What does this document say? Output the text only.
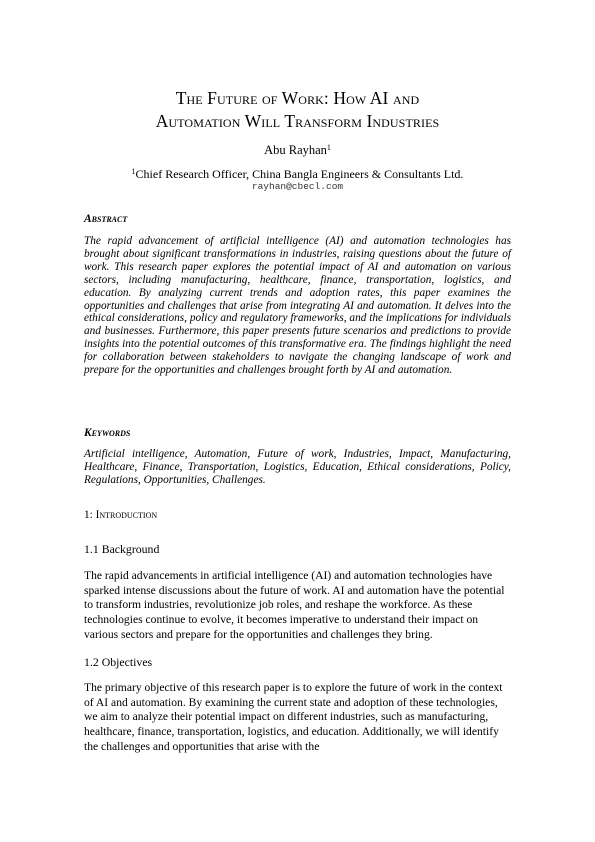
The Future of Work: How AI and
Automation Will Transform Industries
Abu Rayhan$^1$
$^1$Chief Research Officer, China Bangla Engineers & Consultants Ltd.
rayhan@cbecl.com
Abstract
The rapid advancement of artificial intelligence (AI) and automation technologies has brought about significant transformations in industries, raising questions about the future of work. This research paper explores the potential impact of AI and automation on various sectors, including manufacturing, healthcare, finance, transportation, logistics, and education. By analyzing current trends and adoption rates, this paper examines the opportunities and challenges that arise from integrating AI and automation. It delves into the ethical considerations, policy and regulatory frameworks, and the implications for individuals and businesses. Furthermore, this paper presents future scenarios and predictions to provide insights into the potential outcomes of this transformative era. The findings highlight the need for collaboration between stakeholders to navigate the changing landscape of work and prepare for the opportunities and challenges brought forth by AI and automation.
Keywords
Artificial intelligence, Automation, Future of work, Industries, Impact, Manufacturing, Healthcare, Finance, Transportation, Logistics, Education, Ethical considerations, Policy, Regulations, Opportunities, Challenges.
1: Introduction
1.1 Background
The rapid advancements in artificial intelligence (AI) and automation technologies have sparked intense discussions about the future of work. AI and automation have the potential to transform industries, revolutionize job roles, and reshape the workforce. As these technologies continue to evolve, it becomes imperative to understand their impact on various sectors and prepare for the opportunities and challenges they bring.
1.2 Objectives
The primary objective of this research paper is to explore the future of work in the context of AI and automation. By examining the current state and adoption of these technologies, we aim to analyze their potential impact on different industries, such as manufacturing, healthcare, finance, transportation, logistics, and education. Additionally, we will identify the challenges and opportunities that arise with the
